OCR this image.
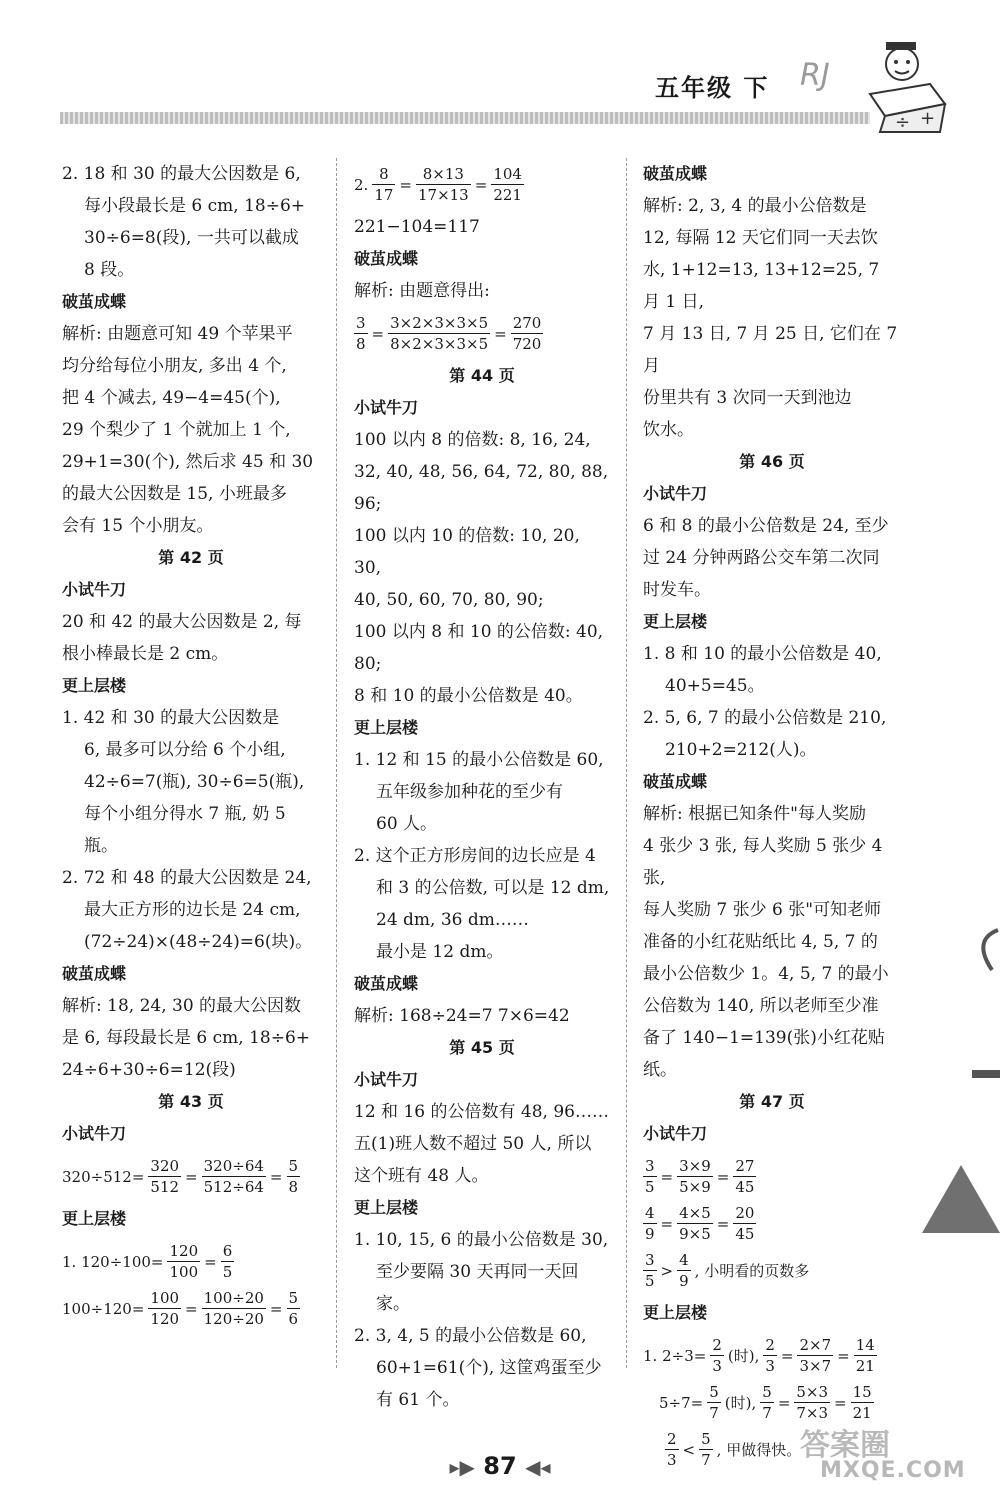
五年级 下 RJ
÷ +
2. 18 和 30 的最大公因数是 6,
每小段最长是 6 cm, 18÷6+
30÷6=8(段), 一共可以截成
8 段。
破茧成蝶
解析: 由题意可知 49 个苹果平
均分给每位小朋友, 多出 4 个,
把 4 个减去, 49−4=45(个),
29 个梨少了 1 个就加上 1 个,
29+1=30(个), 然后求 45 和 30
的最大公因数是 15, 小班最多
会有 15 个小朋友。
第 42 页
小试牛刀
20 和 42 的最大公因数是 2, 每
根小棒最长是 2 cm。
更上层楼
1. 42 和 30 的最大公因数是
6, 最多可以分给 6 个小组,
42÷6=7(瓶), 30÷6=5(瓶),
每个小组分得水 7 瓶, 奶 5 瓶。
2. 72 和 48 的最大公因数是 24,
最大正方形的边长是 24 cm,
(72÷24)×(48÷24)=6(块)。
破茧成蝶
解析: 18, 24, 30 的最大公因数
是 6, 每段最长是 6 cm, 18÷6+
24÷6+30÷6=12(段)
第 43 页
小试牛刀
$320\div 512= \frac{320}{512} = \frac{320\div 64}{512\div 64} = \frac{5}{8}$
更上层楼
1. $120\div 100= \frac{120}{100} = \frac{6}{5}$
$100\div 120= \frac{100}{120} = \frac{100\div 20}{120\div 20} = \frac{5}{6}$
2. $\frac{8}{17} = \frac{8\times 13}{17\times 13} = \frac{104}{221}$
221−104=117
破茧成蝶
解析: 由题意得出:
$\frac{3}{8} = \frac{3\times 2\times 3\times 3\times 5}{8\times 2\times 3\times 3\times 5} = \frac{270}{720}$
第 44 页
小试牛刀
100 以内 8 的倍数: 8, 16, 24,
32, 40, 48, 56, 64, 72, 80, 88,
96;
100 以内 10 的倍数: 10, 20, 30,
40, 50, 60, 70, 80, 90;
100 以内 8 和 10 的公倍数: 40,
80;
8 和 10 的最小公倍数是 40。
更上层楼
1. 12 和 15 的最小公倍数是 60,
五年级参加种花的至少有
60 人。
2. 这个正方形房间的边长应是 4
和 3 的公倍数, 可以是 12 dm,
24 dm, 36 dm……
最小是 12 dm。
破茧成蝶
解析: 168÷24=7 7×6=42
第 45 页
小试牛刀
12 和 16 的公倍数有 48, 96……
五(1)班人数不超过 50 人, 所以
这个班有 48 人。
更上层楼
1. 10, 15, 6 的最小公倍数是 30,
至少要隔 30 天再同一天回家。
2. 3, 4, 5 的最小公倍数是 60,
60+1=61(个), 这筐鸡蛋至少
有 61 个。
破茧成蝶
解析: 2, 3, 4 的最小公倍数是
12, 每隔 12 天它们同一天去饮
水, 1+12=13, 13+12=25, 7 月 1 日,
7 月 13 日, 7 月 25 日, 它们在 7 月
份里共有 3 次同一天到池边
饮水。
第 46 页
小试牛刀
6 和 8 的最小公倍数是 24, 至少
过 24 分钟两路公交车第二次同
时发车。
更上层楼
1. 8 和 10 的最小公倍数是 40,
40+5=45。
2. 5, 6, 7 的最小公倍数是 210,
210+2=212(人)。
破茧成蝶
解析: 根据已知条件"每人奖励
4 张少 3 张, 每人奖励 5 张少 4 张,
每人奖励 7 张少 6 张"可知老师
准备的小红花贴纸比 4, 5, 7 的
最小公倍数少 1。4, 5, 7 的最小
公倍数为 140, 所以老师至少准
备了 140−1=139(张)小红花贴纸。
第 47 页
小试牛刀
$\frac{3}{5} = \frac{3\times 9}{5\times 9} = \frac{27}{45}$
$\frac{4}{9} = \frac{4\times 5}{9\times 5} = \frac{20}{45}$
$\frac{3}{5} > \frac{4}{9}$ , 小明看的页数多
更上层楼
1. $2\div 3= \frac{2}{3}$ (时), $\frac{2}{3} = \frac{2\times 7}{3\times 7} = \frac{14}{21}$
$5\div 7= \frac{5}{7}$ (时), $\frac{5}{7} = \frac{5\times 3}{7\times 3} = \frac{15}{21}$
$\frac{2}{3} < \frac{5}{7}$ , 甲做得快。
▸▶ 87 ◀◂
答案圈
MXQE.COM
